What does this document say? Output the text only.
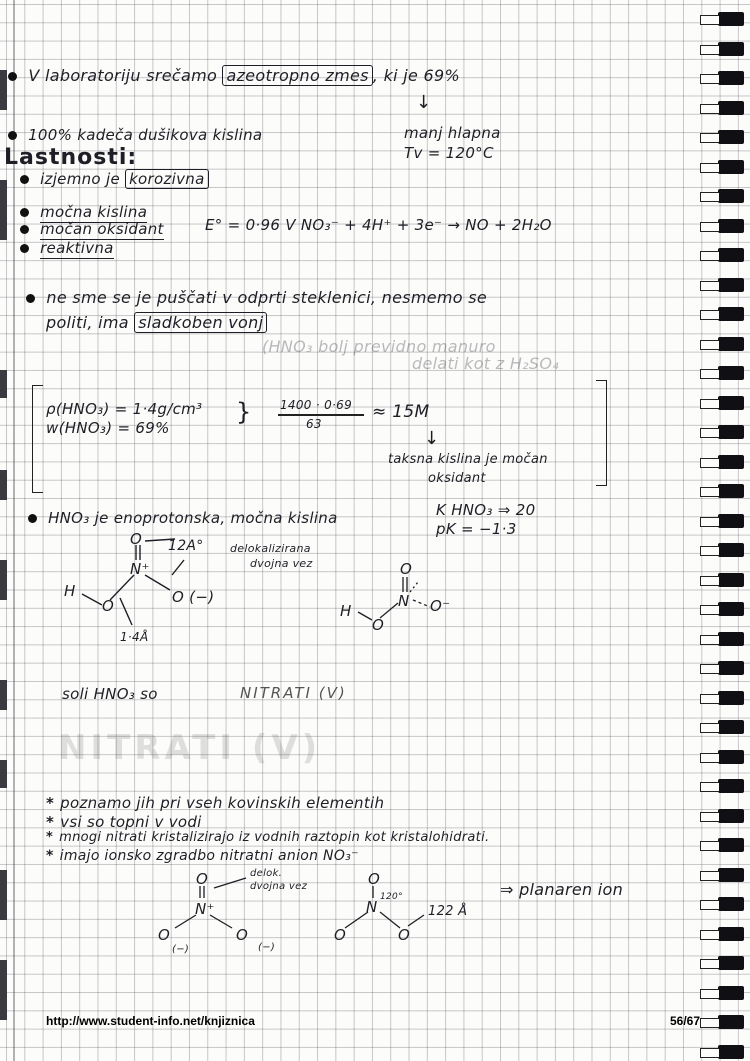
V laboratoriju srečamo azeotropno zmes , ki je 69%
↓
100% kadeča dušikova kislina	manj hlapna
Tv = 120°C
Lastnosti:
izjemno je korozivna
močna kislina
močan oksidant	E° = 0·96 V NO₃⁻ + 4H⁺ + 3e⁻ → NO + 2H₂O
reaktivna
ne sme se je puščati v odprti steklenici, nesmemo se
politi, ima sladkoben vonj
(HNO₃ bolj previdno manuro
delati kot z H₂SO₄
ρ(HNO₃) = 1·4g/cm³
w(HNO₃) = 69%
} 1400 · 0·69
63
≈ 15M
↓
taksna kislina je močan
oksidant
HNO₃ je enoprotonska, močna kislina	K HNO₃ ⇒ 20
pK = −1·3
O 12A° delokalizirana
dvojna vez
N⁺
H
O	O (−)
1·4Å
O
N O⁻
H
O
soli HNO₃ so	NITRATI (V)
NITRATI (V)
* poznamo jih pri vseh kovinskih elementih
* vsi so topni v vodi
* mnogi nitrati kristalizirajo iz vodnih raztopin kot kristalohidrati.
* imajo ionsko zgradbo nitratni anion NO₃⁻
O	delok.
dvojna vez
N⁺
O
(−)
O
(−)
O
N
120°
O	O
122 Å
⇒ planaren ion
http://www.student-info.net/knjiznica	56/67
